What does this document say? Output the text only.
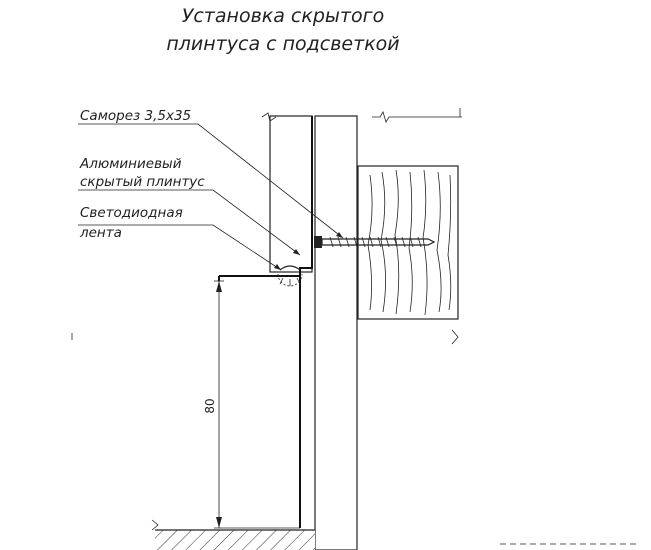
Установка скрытого
плинтуса с подсветкой
80
Саморез 3,5х35
Алюминиевый
скрытый плинтус
Светодиодная
лента
